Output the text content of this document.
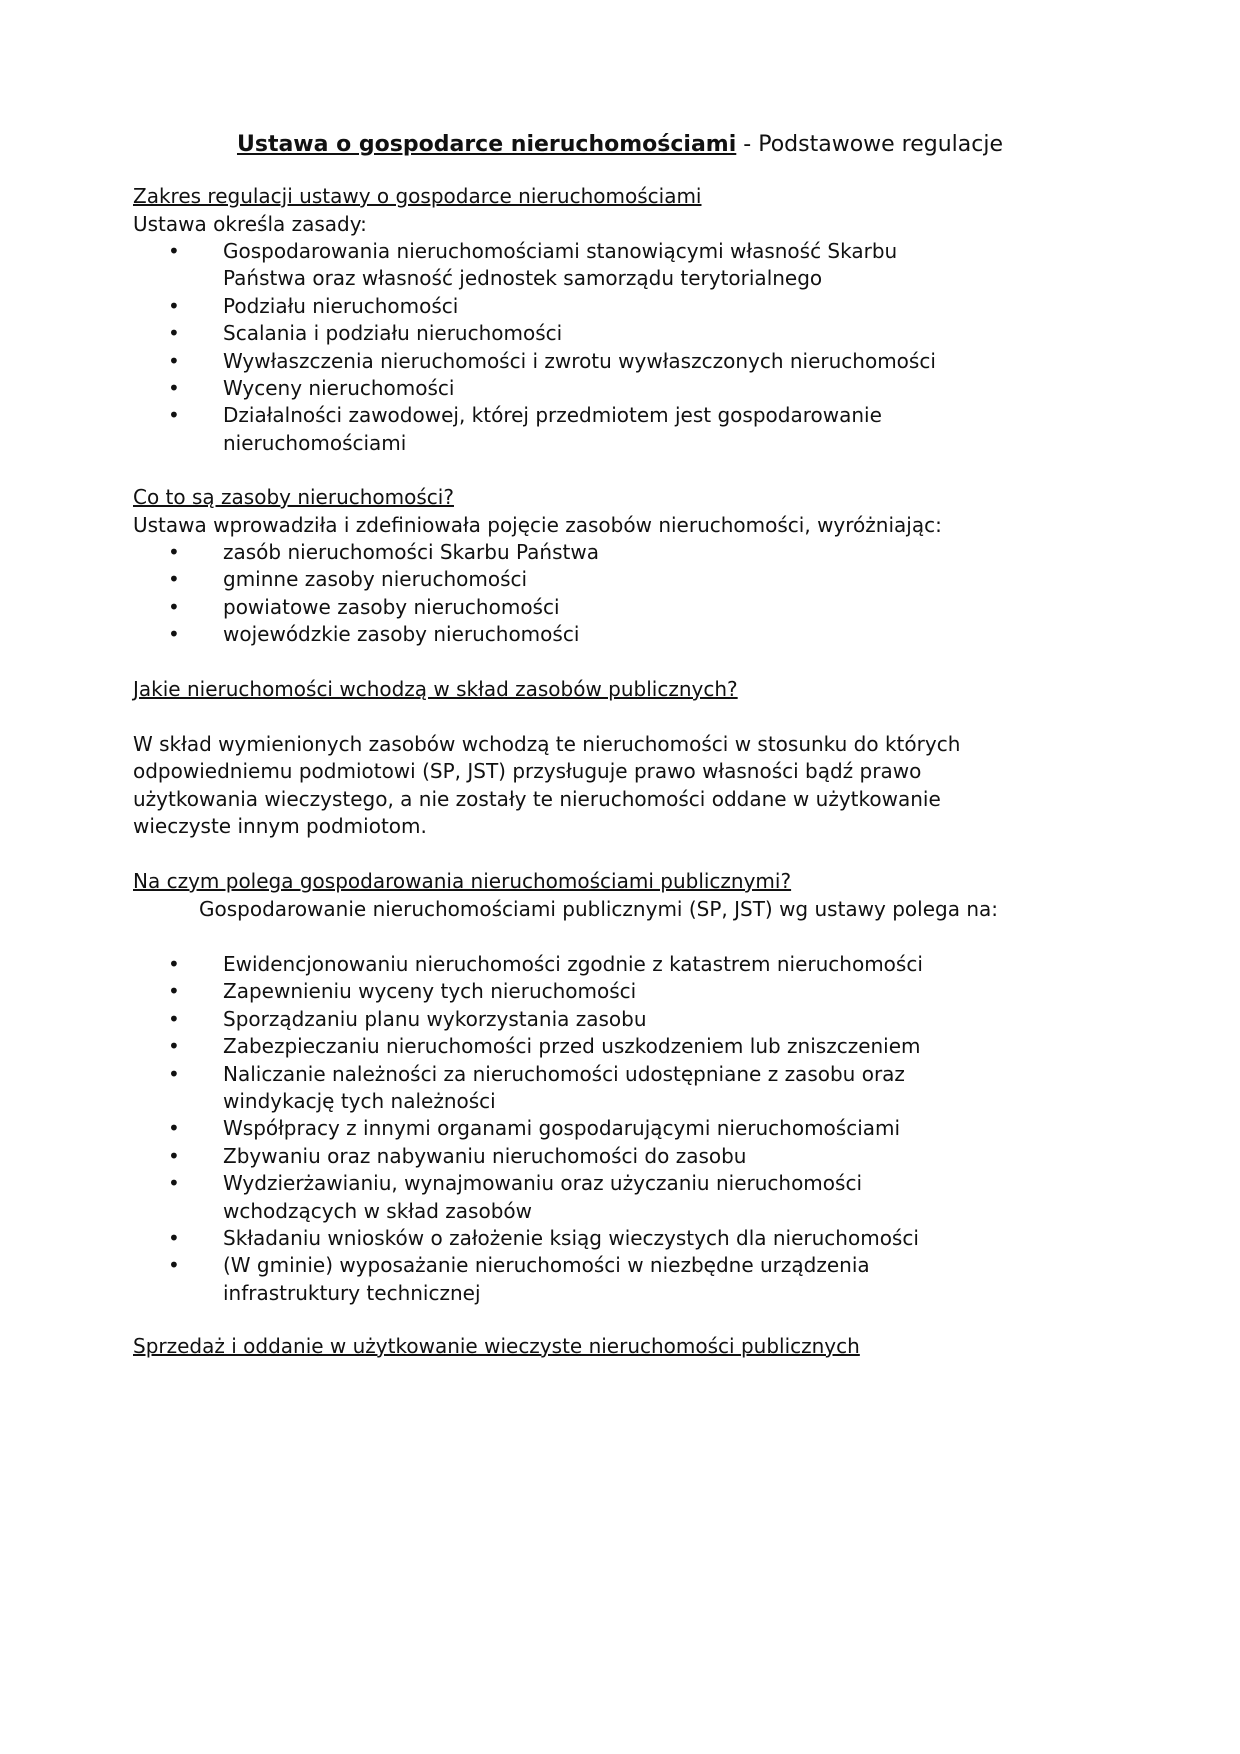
Ustawa o gospodarce nieruchomościami - Podstawowe regulacje
Zakres regulacji ustawy o gospodarce nieruchomościami
Ustawa określa zasady:
• Gospodarowania nieruchomościami stanowiącymi własność Skarbu Państwa oraz własność jednostek samorządu terytorialnego
• Podziału nieruchomości
• Scalania i podziału nieruchomości
• Wywłaszczenia nieruchomości i zwrotu wywłaszczonych nieruchomości
• Wyceny nieruchomości
• Działalności zawodowej, której przedmiotem jest gospodarowanie nieruchomościami
Co to są zasoby nieruchomości?
Ustawa wprowadziła i zdefiniowała pojęcie zasobów nieruchomości, wyróżniając:
• zasób nieruchomości Skarbu Państwa
• gminne zasoby nieruchomości
• powiatowe zasoby nieruchomości
• wojewódzkie zasoby nieruchomości
Jakie nieruchomości wchodzą w skład zasobów publicznych?
W skład wymienionych zasobów wchodzą te nieruchomości w stosunku do których odpowiedniemu podmiotowi (SP, JST) przysługuje prawo własności bądź prawo użytkowania wieczystego, a nie zostały te nieruchomości oddane w użytkowanie wieczyste innym podmiotom.
Na czym polega gospodarowania nieruchomościami publicznymi?
Gospodarowanie nieruchomościami publicznymi (SP, JST) wg ustawy polega na:
• Ewidencjonowaniu nieruchomości zgodnie z katastrem nieruchomości
• Zapewnieniu wyceny tych nieruchomości
• Sporządzaniu planu wykorzystania zasobu
• Zabezpieczaniu nieruchomości przed uszkodzeniem lub zniszczeniem
• Naliczanie należności za nieruchomości udostępniane z zasobu oraz windykację tych należności
• Współpracy z innymi organami gospodarującymi nieruchomościami
• Zbywaniu oraz nabywaniu nieruchomości do zasobu
• Wydzierżawianiu, wynajmowaniu oraz użyczaniu nieruchomości wchodzących w skład zasobów
• Składaniu wniosków o założenie ksiąg wieczystych dla nieruchomości
• (W gminie) wyposażanie nieruchomości w niezbędne urządzenia infrastruktury technicznej
Sprzedaż i oddanie w użytkowanie wieczyste nieruchomości publicznych
